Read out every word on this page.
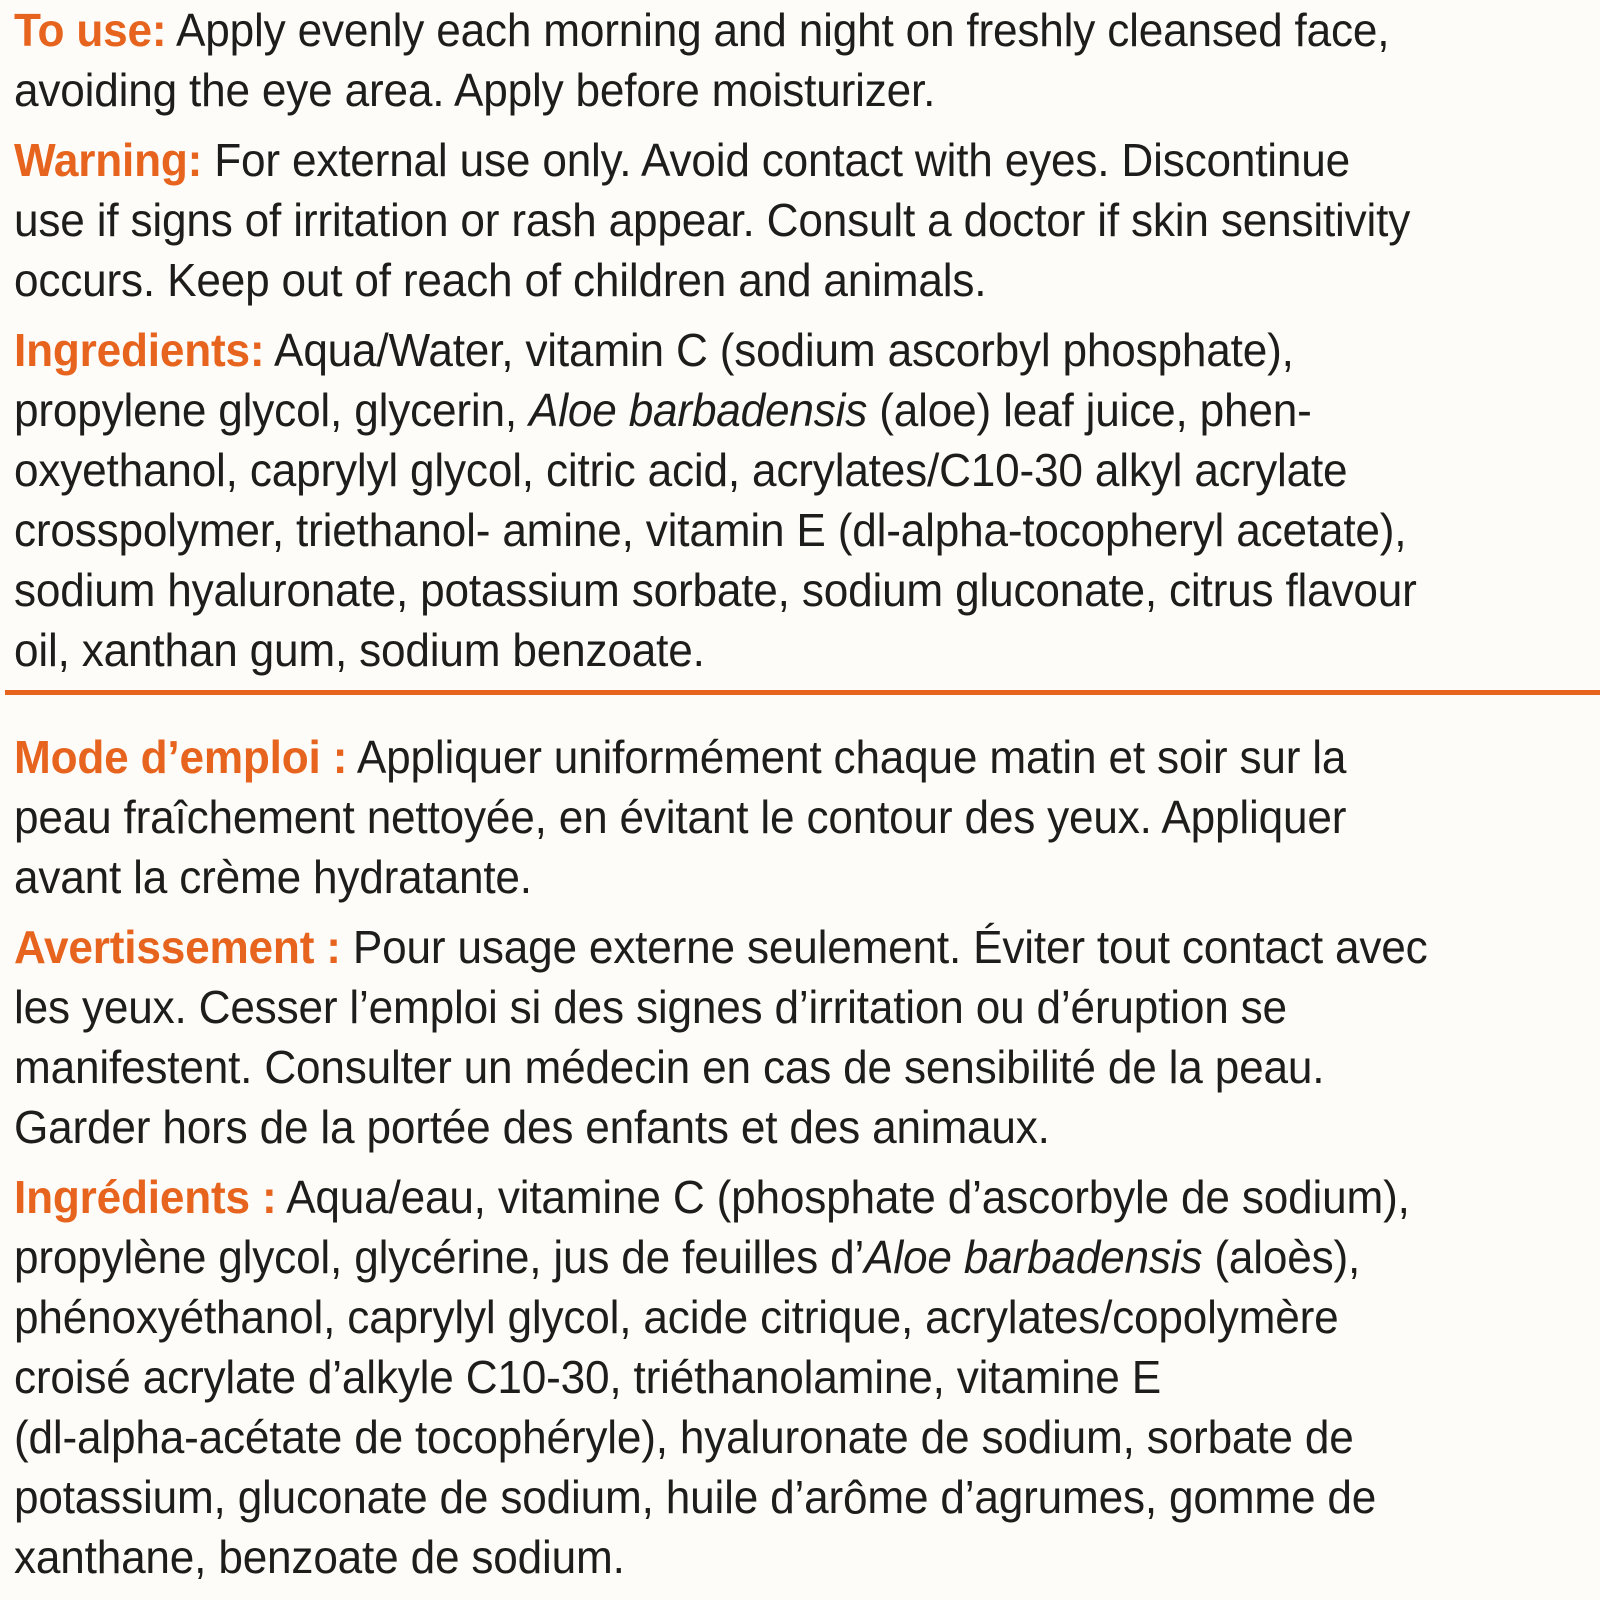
To use: Apply evenly each morning and night on freshly cleansed face,
avoiding the eye area. Apply before moisturizer.
Warning: For external use only. Avoid contact with eyes. Discontinue
use if signs of irritation or rash appear. Consult a doctor if skin sensitivity
occurs. Keep out of reach of children and animals.
Ingredients: Aqua/Water, vitamin C (sodium ascorbyl phosphate),
propylene glycol, glycerin, Aloe barbadensis (aloe) leaf juice, phen-
oxyethanol, caprylyl glycol, citric acid, acrylates/C10-30 alkyl acrylate
crosspolymer, triethanol- amine, vitamin E (dl-alpha-tocopheryl acetate),
sodium hyaluronate, potassium sorbate, sodium gluconate, citrus flavour
oil, xanthan gum, sodium benzoate.
Mode d’emploi : Appliquer uniformément chaque matin et soir sur la
peau fraîchement nettoyée, en évitant le contour des yeux. Appliquer
avant la crème hydratante.
Avertissement : Pour usage externe seulement. Éviter tout contact avec
les yeux. Cesser l’emploi si des signes d’irritation ou d’éruption se
manifestent. Consulter un médecin en cas de sensibilité de la peau.
Garder hors de la portée des enfants et des animaux.
Ingrédients : Aqua/eau, vitamine C (phosphate d’ascorbyle de sodium),
propylène glycol, glycérine, jus de feuilles d’Aloe barbadensis (aloès),
phénoxyéthanol, caprylyl glycol, acide citrique, acrylates/copolymère
croisé acrylate d’alkyle C10-30, triéthanolamine, vitamine E
(dl-alpha-acétate de tocophéryle), hyaluronate de sodium, sorbate de
potassium, gluconate de sodium, huile d’arôme d’agrumes, gomme de
xanthane, benzoate de sodium.
